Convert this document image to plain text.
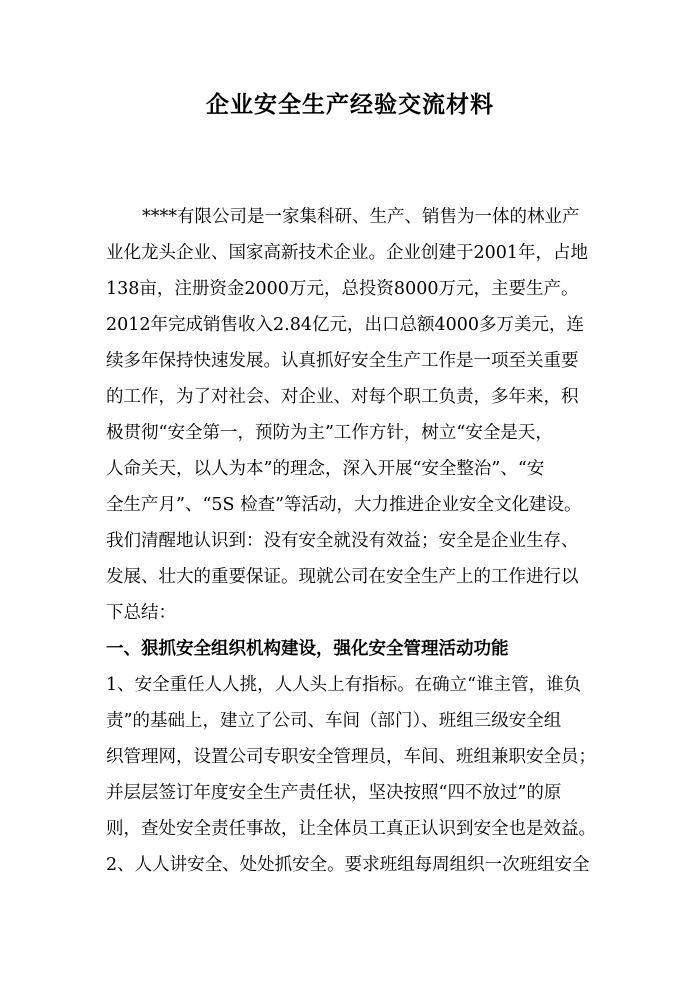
企业安全生产经验交流材料

****有限公司是一家集科研、生产、销售为一体的林业产

业化龙头企业、国家高新技术企业。企业创建于2001年，占地

138亩，注册资金2000万元，总投资8000万元，主要生产。

2012年完成销售收入2.84亿元，出口总额4000多万美元，连

续多年保持快速发展。认真抓好安全生产工作是一项至关重要

的工作，为了对社会、对企业、对每个职工负责，多年来，积

极贯彻“安全第一，预防为主”工作方针，树立“安全是天，

人命关天，以人为本”的理念，深入开展“安全整治”、“安

全生产月”、“5S 检查”等活动，大力推进企业安全文化建设。

我们清醒地认识到：没有安全就没有效益；安全是企业生存、

发展、壮大的重要保证。现就公司在安全生产上的工作进行以

下总结：

一、狠抓安全组织机构建设，强化安全管理活动功能

1、安全重任人人挑，人人头上有指标。在确立“谁主管，谁负

责”的基础上，建立了公司、车间（部门）、班组三级安全组

织管理网，设置公司专职安全管理员，车间、班组兼职安全员；

并层层签订年度安全生产责任状，坚决按照“四不放过”的原

则，查处安全责任事故，让全体员工真正认识到安全也是效益。

2、人人讲安全、处处抓安全。要求班组每周组织一次班组安全
